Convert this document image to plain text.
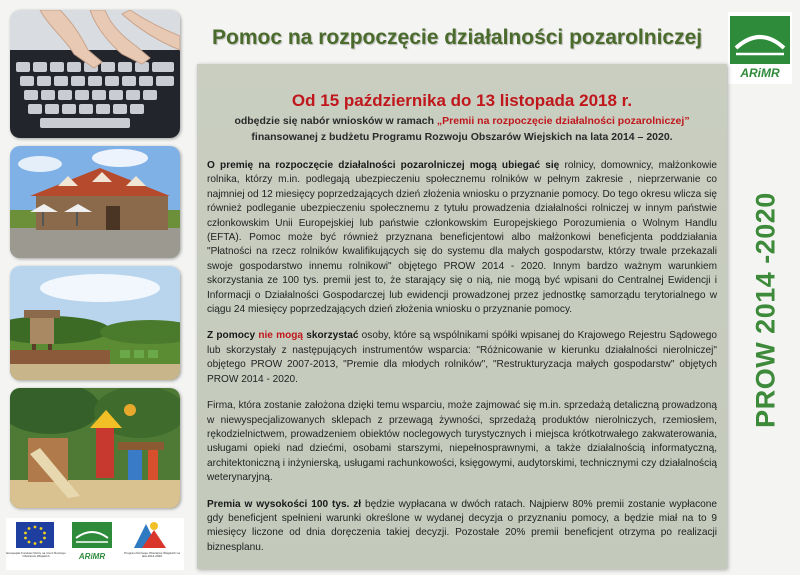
Europejski Fundusz Rolny na rzecz Rozwoju Obszarów Wiejskich	ARiMR	Program Rozwoju Obszarów Wiejskich na lata 2014-2020
Pomoc na rozpoczęcie działalności pozarolniczej
ARiMR
Od 15 października do 13 listopada 2018 r.
odbędzie się nabór wniosków w ramach „Premii na rozpoczęcie działalności pozarolniczej” finansowanej z budżetu Programu Rozwoju Obszarów Wiejskich na lata 2014 – 2020.

O premię na rozpoczęcie działalności pozarolniczej mogą ubiegać się rolnicy, domownicy, małżonkowie rolnika, którzy m.in. podlegają ubezpieczeniu społecznemu rolników w pełnym zakresie , nieprzerwanie co najmniej od 12 miesięcy poprzedzających dzień złożenia wniosku o przyznanie pomocy. Do tego okresu wlicza się również podleganie ubezpieczeniu społecznemu z tytułu prowadzenia działalności rolniczej w innym państwie członkowskim Unii Europejskiej lub państwie członkowskim Europejskiego Porozumienia o Wolnym Handlu (EFTA). Pomoc może być również przyznana beneficjentowi albo małżonkowi beneficjenta poddziałania "Płatności na rzecz rolników kwalifikujących się do systemu dla małych gospodarstw, którzy trwale przekazali swoje gospodarstwo innemu rolnikowi" objętego PROW 2014 - 2020. Innym bardzo ważnym warunkiem skorzystania ze 100 tys. premii jest to, że starający się o nią, nie mogą być wpisani do Centralnej Ewidencji i Informacji o Działalności Gospodarczej lub ewidencji prowadzonej przez jednostkę samorządu terytorialnego w ciągu 24 miesięcy poprzedzających dzień złożenia wniosku o przyznanie pomocy.

Z pomocy nie mogą skorzystać osoby, które są wspólnikami spółki wpisanej do Krajowego Rejestru Sądowego lub skorzystały z następujących instrumentów wsparcia: "Różnicowanie w kierunku działalności nierolniczej" objętego PROW 2007-2013, "Premie dla młodych rolników", "Restrukturyzacja małych gospodarstw" objętych PROW 2014 - 2020.

Firma, która zostanie założona dzięki temu wsparciu, może zajmować się m.in. sprzedażą detaliczną prowadzoną w niewyspecjalizowanych sklepach z przewagą żywności, sprzedażą produktów nierolniczych, rzemiosłem, rękodzielnictwem, prowadzeniem obiektów noclegowych turystycznych i miejsca krótkotrwałego zakwaterowania, usługami opieki nad dziećmi, osobami starszymi, niepełnosprawnymi, a także działalnością informatyczną, architektoniczną i inżynierską, usługami rachunkowości, księgowymi, audytorskimi, technicznymi czy działalnością weterynaryjną.

Premia w wysokości 100 tys. zł będzie wypłacana w dwóch ratach. Najpierw 80% premii zostanie wypłacone gdy beneficjent spełnieni warunki określone w wydanej decyzja o przyznaniu pomocy, a będzie miał na to 9 miesięcy liczone od dnia doręczenia takiej decyzji. Pozostałe 20% premii beneficjent otrzyma po realizacji biznesplanu.

PROW 2014 -2020
